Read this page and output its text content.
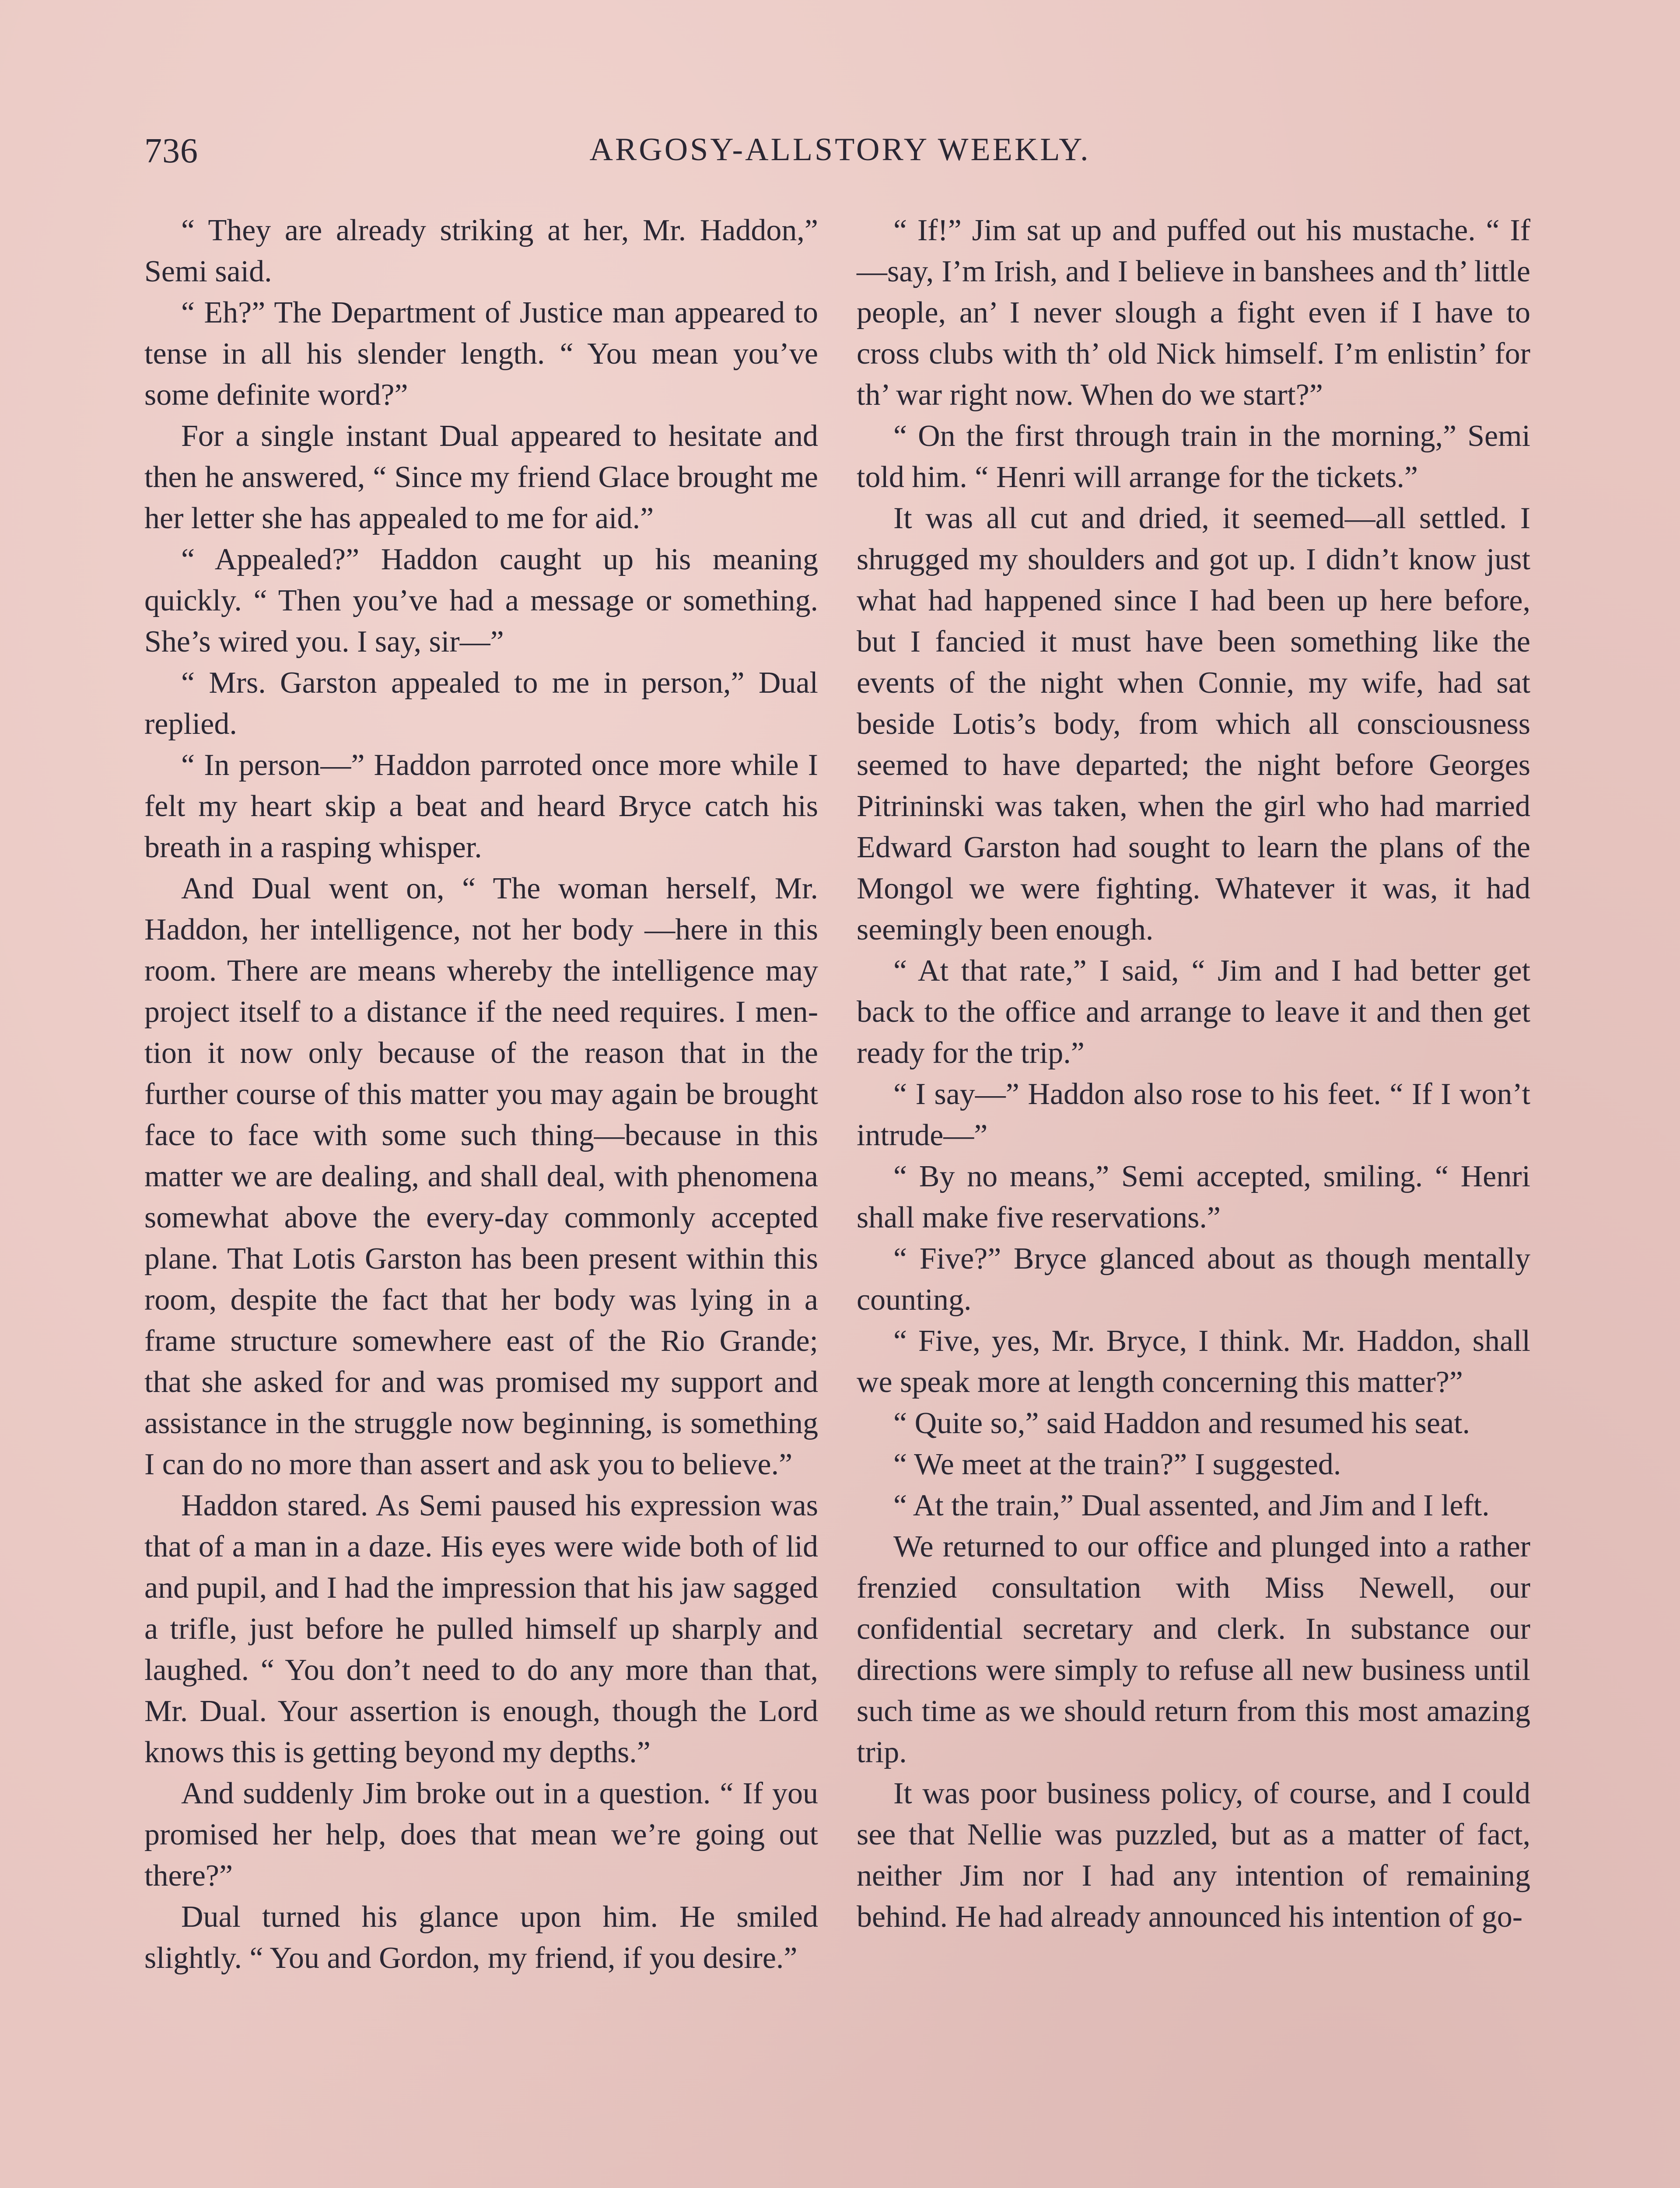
736	ARGOSY-ALLSTORY WEEKLY.

“ They are already striking at her, Mr. Haddon,” Semi said.

“ Eh?” The Department of Justice man appeared to tense in all his slender length. “ You mean you’ve some definite word?”

For a single instant Dual appeared to hesitate and then he answered, “ Since my friend Glace brought me her letter she has appealed to me for aid.”

“ Appealed?” Haddon caught up his meaning quickly. “ Then you’ve had a message or something. She’s wired you. I say, sir—”

“ Mrs. Garston appealed to me in person,” Dual replied.

“ In person—” Haddon parroted once more while I felt my heart skip a beat and heard Bryce catch his breath in a rasping whisper.

And Dual went on, “ The woman herself, Mr. Haddon, her intelligence, not her body —here in this room. There are means whereby the intelligence may project itself to a distance if the need requires. I mention it now only because of the reason that in the further course of this matter you may again be brought face to face with some such thing—because in this matter we are dealing, and shall deal, with phenomena somewhat above the every-day commonly accepted plane. That Lotis Garston has been present within this room, despite the fact that her body was lying in a frame structure somewhere east of the Rio Grande; that she asked for and was promised my support and assistance in the struggle now beginning, is something I can do no more than assert and ask you to believe.”

Haddon stared. As Semi paused his expression was that of a man in a daze. His eyes were wide both of lid and pupil, and I had the impression that his jaw sagged a trifle, just before he pulled himself up sharply and laughed. “ You don’t need to do any more than that, Mr. Dual. Your assertion is enough, though the Lord knows this is getting beyond my depths.”

And suddenly Jim broke out in a question. “ If you promised her help, does that mean we’re going out there?”

Dual turned his glance upon him. He smiled slightly. “ You and Gordon, my friend, if you desire.”

“ If!” Jim sat up and puffed out his mustache. “ If—say, I’m Irish, and I believe in banshees and th’ little people, an’ I never slough a fight even if I have to cross clubs with th’ old Nick himself. I’m enlistin’ for th’ war right now. When do we start?”

“ On the first through train in the morning,” Semi told him. “ Henri will arrange for the tickets.”

It was all cut and dried, it seemed—all settled. I shrugged my shoulders and got up. I didn’t know just what had happened since I had been up here before, but I fancied it must have been something like the events of the night when Connie, my wife, had sat beside Lotis’s body, from which all consciousness seemed to have departed; the night before Georges Pitrininski was taken, when the girl who had married Edward Garston had sought to learn the plans of the Mongol we were fighting. Whatever it was, it had seemingly been enough.

“ At that rate,” I said, “ Jim and I had better get back to the office and arrange to leave it and then get ready for the trip.”

“ I say—” Haddon also rose to his feet. “ If I won’t intrude—”

“ By no means,” Semi accepted, smiling. “ Henri shall make five reservations.”

“ Five?” Bryce glanced about as though mentally counting.

“ Five, yes, Mr. Bryce, I think. Mr. Haddon, shall we speak more at length concerning this matter?”

“ Quite so,” said Haddon and resumed his seat.

“ We meet at the train?” I suggested.

“ At the train,” Dual assented, and Jim and I left.

We returned to our office and plunged into a rather frenzied consultation with Miss Newell, our confidential secretary and clerk. In substance our directions were simply to refuse all new business until such time as we should return from this most amazing trip.

It was poor business policy, of course, and I could see that Nellie was puzzled, but as a matter of fact, neither Jim nor I had any intention of remaining behind. He had already announced his intention of go-
